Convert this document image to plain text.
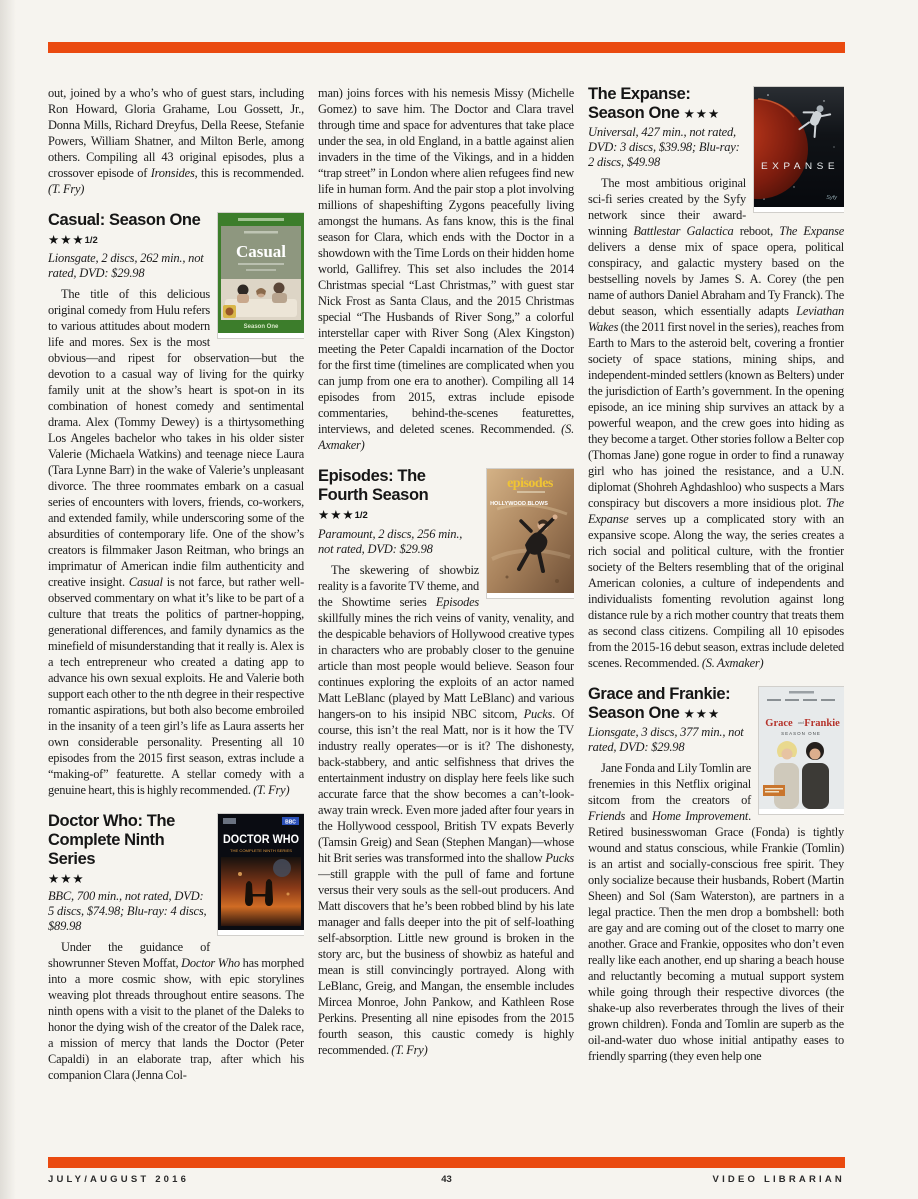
out, joined by a who’s who of guest stars, including Ron Howard, Gloria Grahame, Lou Gossett, Jr., Donna Mills, Richard Dreyfus, Della Reese, Stefanie Powers, William Shatner, and Milton Berle, among others. Compiling all 43 original episodes, plus a crossover episode of Ironsides, this is recommended. (T. Fry)

Casual
Season One
Casual: Season One
★★★1/2

Lionsgate, 2 discs, 262 min., not rated, DVD: $29.98

The title of this delicious original comedy from Hulu refers to various attitudes about modern life and mores. Sex is the most obvious—and ripest for observation—but the devotion to a casual way of living for the quirky family unit at the show’s heart is spot-on in its combination of honest comedy and sentimental drama. Alex (Tommy Dewey) is a thirtysomething Los Angeles bachelor who takes in his older sister Valerie (Michaela Watkins) and teenage niece Laura (Tara Lynne Barr) in the wake of Valerie’s unpleasant divorce. The three roommates embark on a casual series of encounters with lovers, friends, co-workers, and extended family, while underscoring some of the absurdities of contemporary life. One of the show’s creators is filmmaker Jason Reitman, who brings an imprimatur of American indie film authenticity and creative insight. Casual is not farce, but rather well-observed commentary on what it’s like to be part of a culture that treats the politics of partner-hopping, generational differences, and family dynamics as the minefield of misunderstanding that it really is. Alex is a tech entrepreneur who created a dating app to advance his own sexual exploits. He and Valerie both support each other to the nth degree in their respective romantic aspirations, but both also become embroiled in the insanity of a teen girl’s life as Laura asserts her own considerable personality. Presenting all 10 episodes from the 2015 first season, extras include a “making-of” featurette. A stellar comedy with a genuine heart, this is highly recommended. (T. Fry)

BBC
DOCTOR WHO
THE COMPLETE NINTH SERIES
Doctor Who: The Complete Ninth Series
★★★

BBC, 700 min., not rated, DVD: 5 discs, $74.98; Blu-ray: 4 discs, $89.98

Under the guidance of showrunner Steven Moffat, Doctor Who has morphed into a more cosmic show, with epic storylines weaving plot threads throughout entire seasons. The ninth opens with a visit to the planet of the Daleks to honor the dying wish of the creator of the Dalek race, a mission of mercy that lands the Doctor (Peter Capaldi) in an elaborate trap, after which his companion Clara (Jenna Col-

man) joins forces with his nemesis Missy (Michelle Gomez) to save him. The Doctor and Clara travel through time and space for adventures that take place under the sea, in old England, in a battle against alien invaders in the time of the Vikings, and in a hidden “trap street” in London where alien refugees find new life in human form. And the pair stop a plot involving millions of shapeshifting Zygons peacefully living amongst the humans. As fans know, this is the final season for Clara, which ends with the Doctor in a showdown with the Time Lords on their hidden home world, Gallifrey. This set also includes the 2014 Christmas special “Last Christmas,” with guest star Nick Frost as Santa Claus, and the 2015 Christmas special “The Husbands of River Song,” a colorful interstellar caper with River Song (Alex Kingston) meeting the Peter Capaldi incarnation of the Doctor for the first time (timelines are complicated when you can jump from one era to another). Compiling all 14 episodes from 2015, extras include episode commentaries, behind-the-scenes featurettes, interviews, and deleted scenes. Recommended. (S. Axmaker)

episodes
HOLLYWOOD BLOWS
Episodes: The Fourth Season ★★★1/2

Paramount, 2 discs, 256 min., not rated, DVD: $29.98

The skewering of showbiz reality is a favorite TV theme, and the Showtime series Episodes skillfully mines the rich veins of vanity, venality, and the despicable behaviors of Hollywood creative types in characters who are probably closer to the genuine article than most people would believe. Season four continues exploring the exploits of an actor named Matt LeBlanc (played by Matt LeBlanc) and various hangers-on to his insipid NBC sitcom, Pucks. Of course, this isn’t the real Matt, nor is it how the TV industry really operates—or is it? The dishonesty, back-stabbery, and antic selfishness that drives the entertainment industry on display here feels like such accurate farce that the show becomes a can’t-look-away train wreck. Even more jaded after four years in the Hollywood cesspool, British TV expats Beverly (Tamsin Greig) and Sean (Stephen Mangan)—whose hit Brit series was transformed into the shallow Pucks—still grapple with the pull of fame and fortune versus their very souls as the sell-out producers. And Matt discovers that he’s been robbed blind by his late manager and falls deeper into the pit of self-loathing self-absorption. Little new ground is broken in the story arc, but the business of showbiz as hateful and mean is still convincingly portrayed. Along with LeBlanc, Greig, and Mangan, the ensemble includes Mircea Monroe, John Pankow, and Kathleen Rose Perkins. Presenting all nine episodes from the 2015 fourth season, this caustic comedy is highly recommended. (T. Fry)

EXPANSE
Syfy
The Expanse: Season One ★★★

Universal, 427 min., not rated, DVD: 3 discs, $39.98; Blu-ray: 2 discs, $49.98

The most ambitious original sci-fi series created by the Syfy network since their award-winning Battlestar Galactica reboot, The Expanse delivers a dense mix of space opera, political conspiracy, and galactic mystery based on the bestselling novels by James S. A. Corey (the pen name of authors Daniel Abraham and Ty Franck). The debut season, which essentially adapts Leviathan Wakes (the 2011 first novel in the series), reaches from Earth to Mars to the asteroid belt, covering a frontier society of space stations, mining ships, and independent-minded settlers (known as Belters) under the jurisdiction of Earth’s government. In the opening episode, an ice mining ship survives an attack by a powerful weapon, and the crew goes into hiding as they become a target. Other stories follow a Belter cop (Thomas Jane) gone rogue in order to find a runaway girl who has joined the resistance, and a U.N. diplomat (Shohreh Aghdashloo) who suspects a Mars conspiracy but discovers a more insidious plot. The Expanse serves up a complicated story with an expansive scope. Along the way, the series creates a rich social and political culture, with the frontier society of the Belters resembling that of the original American colonies, a culture of independents and individualists fomenting revolution against long distance rule by a rich mother country that treats them as second class citizens. Compiling all 10 episodes from the 2015-16 debut season, extras include deleted scenes. Recommended. (S. Axmaker)

Grace and Frankie
SEASON ONE
Grace and Frankie: Season One ★★★

Lionsgate, 3 discs, 377 min., not rated, DVD: $29.98

Jane Fonda and Lily Tomlin are frenemies in this Netflix original sitcom from the creators of Friends and Home Improvement. Retired businesswoman Grace (Fonda) is tightly wound and status conscious, while Frankie (Tomlin) is an artist and socially-conscious free spirit. They only socialize because their husbands, Robert (Martin Sheen) and Sol (Sam Waterston), are partners in a legal practice. Then the men drop a bombshell: both are gay and are coming out of the closet to marry one another. Grace and Frankie, opposites who don’t even really like each another, end up sharing a beach house and reluctantly becoming a mutual support system while going through their respective divorces (the shake-up also reverberates through the lives of their grown children). Fonda and Tomlin are superb as the oil-and-water duo whose initial antipathy eases to friendly sparring (they even help one

JULY/AUGUST 2016	43	VIDEO LIBRARIAN
